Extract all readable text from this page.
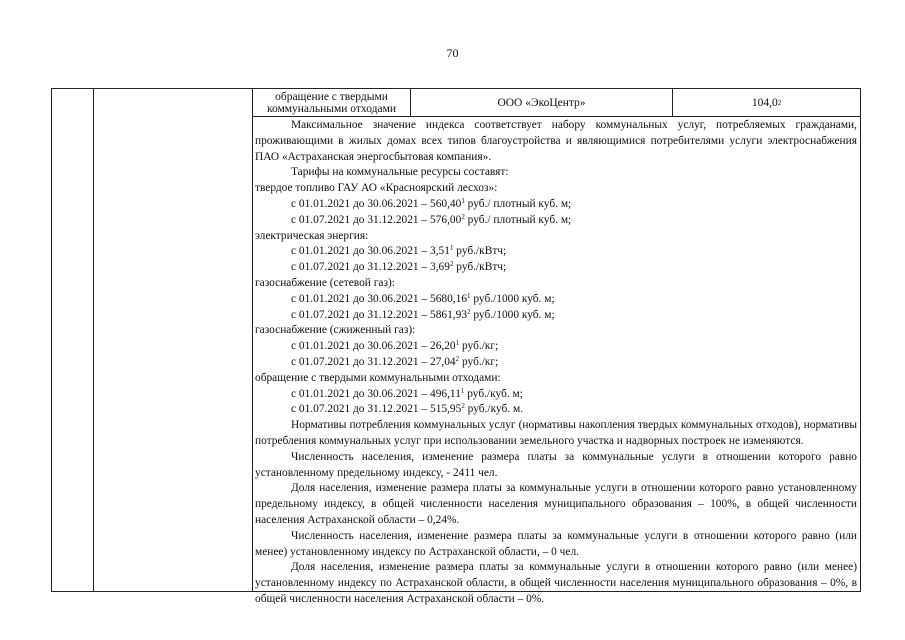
70
обращение с твердыми коммунальными отходами	ООО «ЭкоЦентр»	104,0 2

Максимальное значение индекса соответствует набору коммунальных услуг, потребляемых гражданами, проживающими в жилых домах всех типов благоустройства и являющимися потребителями услуги электроснабжения ПАО «Астраханская энергосбытовая компания».

Тарифы на коммунальные ресурсы составят:

твердое топливо ГАУ АО «Красноярский лесхоз»:

с 01.01.2021 до 30.06.2021 – 560,40$^1$ руб./ плотный куб. м;

с 01.07.2021 до 31.12.2021 – 576,00$^2$ руб./ плотный куб. м;

электрическая энергия:

с 01.01.2021 до 30.06.2021 – 3,51$^1$ руб./кВтч;

с 01.07.2021 до 31.12.2021 – 3,69$^2$ руб./кВтч;

газоснабжение (сетевой газ):

с 01.01.2021 до 30.06.2021 – 5680,16$^1$ руб./1000 куб. м;

с 01.07.2021 до 31.12.2021 – 5861,93$^2$ руб./1000 куб. м;

газоснабжение (сжиженный газ):

с 01.01.2021 до 30.06.2021 – 26,20$^1$ руб./кг;

с 01.07.2021 до 31.12.2021 – 27,04$^2$ руб./кг;

обращение с твердыми коммунальными отходами:

с 01.01.2021 до 30.06.2021 – 496,11$^1$ руб./куб. м;

с 01.07.2021 до 31.12.2021 – 515,95$^2$ руб./куб. м.

Нормативы потребления коммунальных услуг (нормативы накопления твердых коммунальных отходов), нормативы потребления коммунальных услуг при использовании земельного участка и надворных построек не изменяются.

Численность населения, изменение размера платы за коммунальные услуги в отношении которого равно установленному предельному индексу, - 2411 чел.

Доля населения, изменение размера платы за коммунальные услуги в отношении которого равно установленному предельному индексу, в общей численности населения муниципального образования – 100%, в общей численности населения Астраханской области – 0,24%.

Численность населения, изменение размера платы за коммунальные услуги в отношении которого равно (или менее) установленному индексу по Астраханской области, – 0 чел.

Доля населения, изменение размера платы за коммунальные услуги в отношении которого равно (или менее) установленному индексу по Астраханской области, в общей численности населения муниципального образования – 0%, в общей численности населения Астраханской области – 0%.
